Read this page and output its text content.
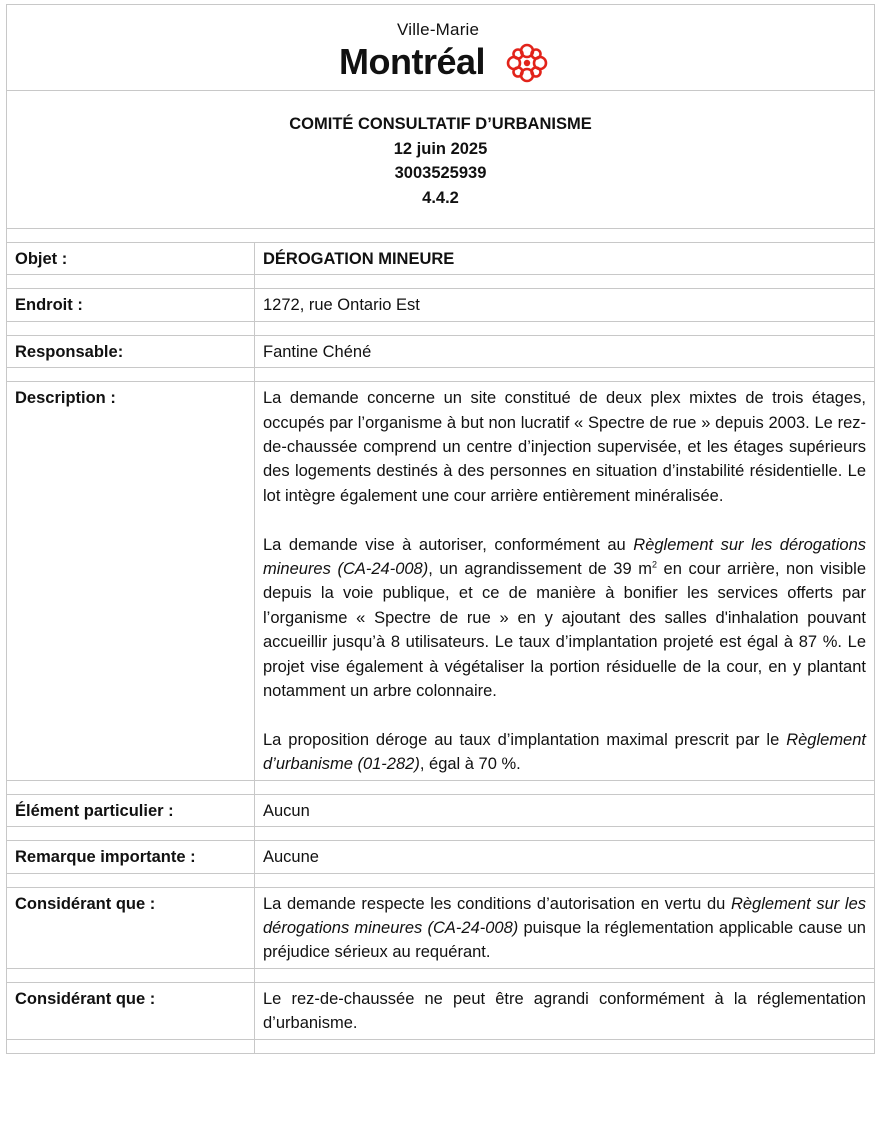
Ville-Marie
Montréal	

COMITÉ CONSULTATIF D’URBANISME
12 juin 2025
3003525939
4.4.2	

Objet :	DÉROGATION MINEURE

Endroit :	1272, rue Ontario Est

Responsable:	Fantine Chéné

Description :	La demande concerne un site constitué de deux plex mixtes de trois étages, occupés par l’organisme à but non lucratif « Spectre de rue » depuis 2003. Le rez-de-chaussée comprend un centre d’injection supervisée, et les étages supérieurs des logements destinés à des personnes en situation d’instabilité résidentielle. Le lot intègre également une cour arrière entièrement minéralisée.

La demande vise à autoriser, conformément au Règlement sur les dérogations mineures (CA-24-008), un agrandissement de 39 $m^2$ en cour arrière, non visible depuis la voie publique, et ce de manière à bonifier les services offerts par l’organisme « Spectre de rue » en y ajoutant des salles d'inhalation pouvant accueillir jusqu’à 8 utilisateurs. Le taux d’implantation projeté est égal à 87 %. Le projet vise également à végétaliser la portion résiduelle de la cour, en y plantant notamment un arbre colonnaire.

La proposition déroge au taux d’implantation maximal prescrit par le Règlement d’urbanisme (01-282), égal à 70 %.

Élément particulier :	Aucun

Remarque importante :	Aucune

Considérant que :	La demande respecte les conditions d’autorisation en vertu du Règlement sur les dérogations mineures (CA-24-008) puisque la réglementation applicable cause un préjudice sérieux au requérant.

Considérant que :	Le rez-de-chaussée ne peut être agrandi conformément à la réglementation d’urbanisme.
